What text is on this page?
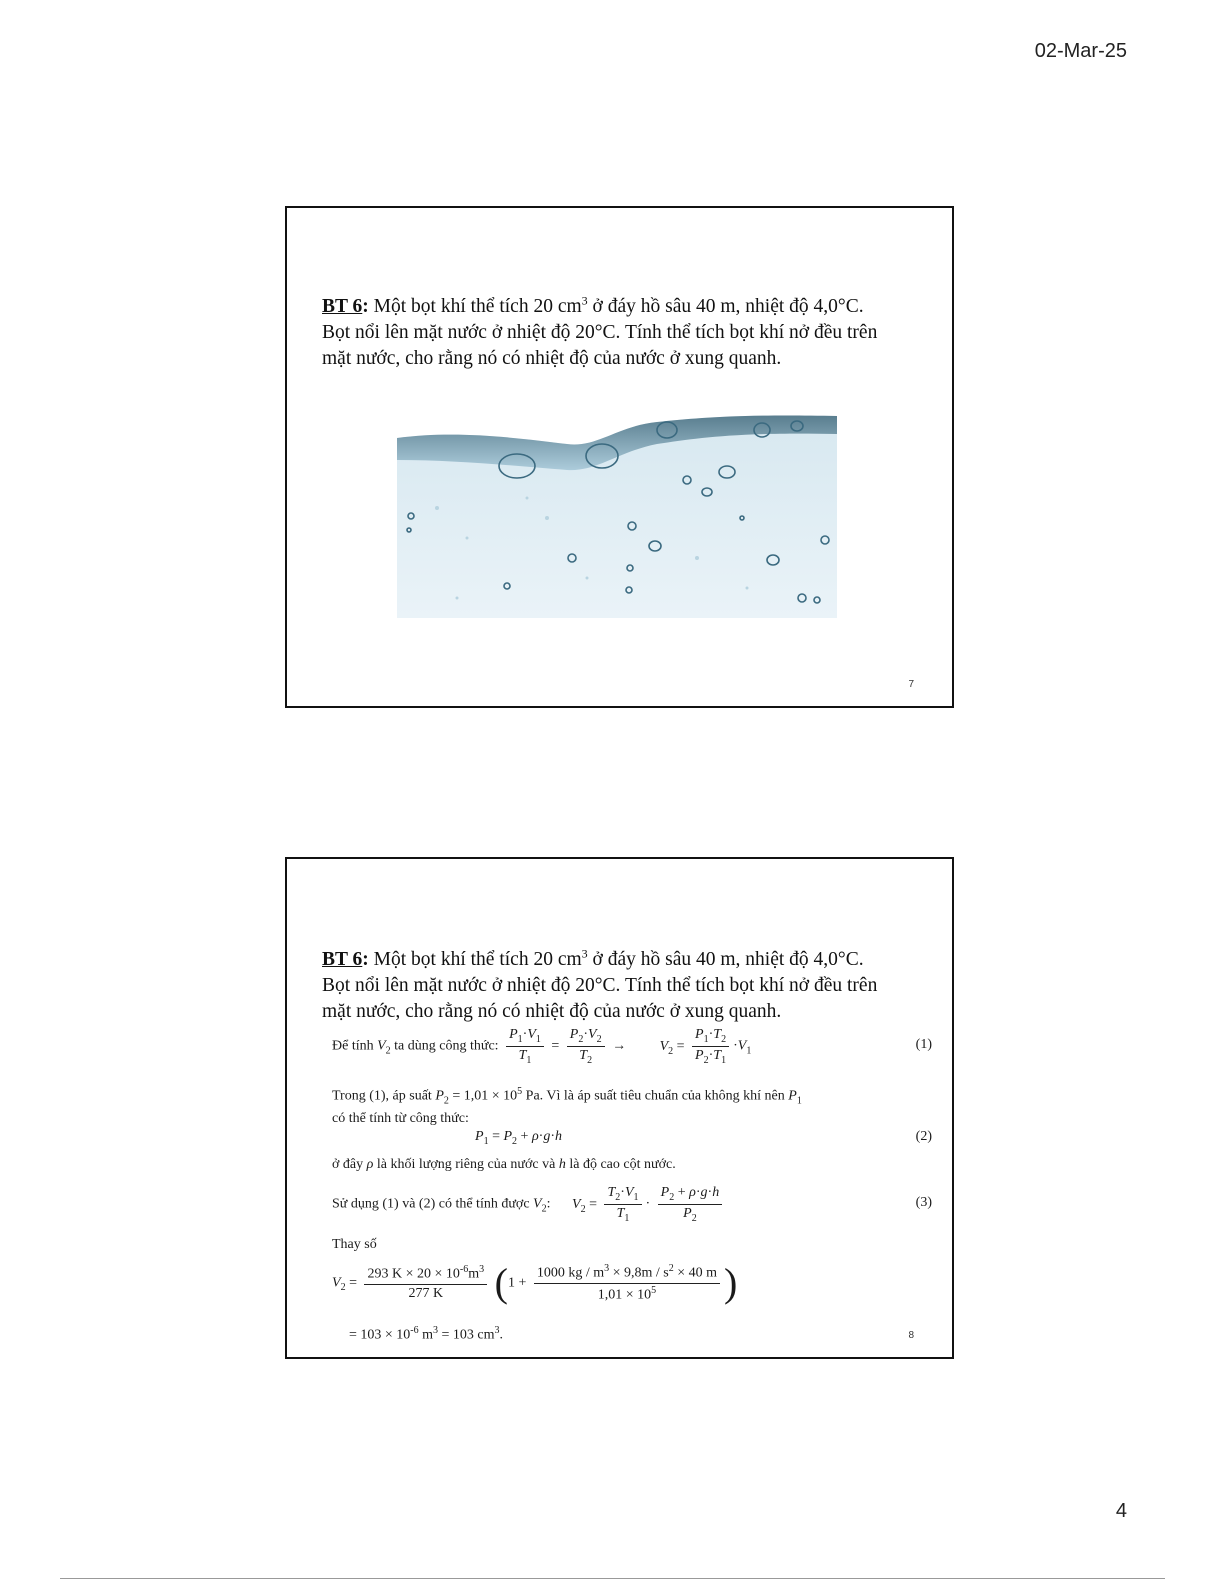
02-Mar-25
BT 6: Một bọt khí thể tích 20 $cm^3$ ở đáy hồ sâu 40 m, nhiệt độ 4,0°C.
Bọt nổi lên mặt nước ở nhiệt độ 20°C. Tính thể tích bọt khí nở đều trên
mặt nước, cho rằng nó có nhiệt độ của nước ở xung quanh.
7
BT 6: Một bọt khí thể tích 20 $cm^3$ ở đáy hồ sâu 40 m, nhiệt độ 4,0°C.
Bọt nổi lên mặt nước ở nhiệt độ 20°C. Tính thể tích bọt khí nở đều trên
mặt nước, cho rằng nó có nhiệt độ của nước ở xung quanh.
Để tính $V_2$ ta dùng công thức: $\frac{P_1\cdot V_1}{T_1} = \frac{P_2\cdot V_2}{T_2} \to V_2 = \frac{P_1\cdot T_2}{P_2\cdot T_1} \cdot V_1$	(1)
Trong (1), áp suất $P_2 = 1,01 \times 10^5$ Pa. Vì là áp suất tiêu chuẩn của không khí nên $P_1$
có thể tính từ công thức:
$P_1 = P_2 + \rho\cdot g\cdot h$	(2)
ở đây ρ là khối lượng riêng của nước và h là độ cao cột nước.
Sử dụng (1) và (2) có thể tính được $V_2$: $V_2 = \frac{T_2\cdot V_1}{T_1} \cdot \frac{P_2 + \rho\cdot g\cdot h}{P_2}$	(3)
Thay số
$V_2 = \frac{293 K \times 20 \times 10^{-6}m^3}{277 K} (1 + \frac{1000 kg / m^3 \times 9,8m / s^2 \times 40 m}{1,01 \times 10^5}$ )
= $103 \times 10^{-6}$ $m^3 = 103$ $cm^3$.	8
4
